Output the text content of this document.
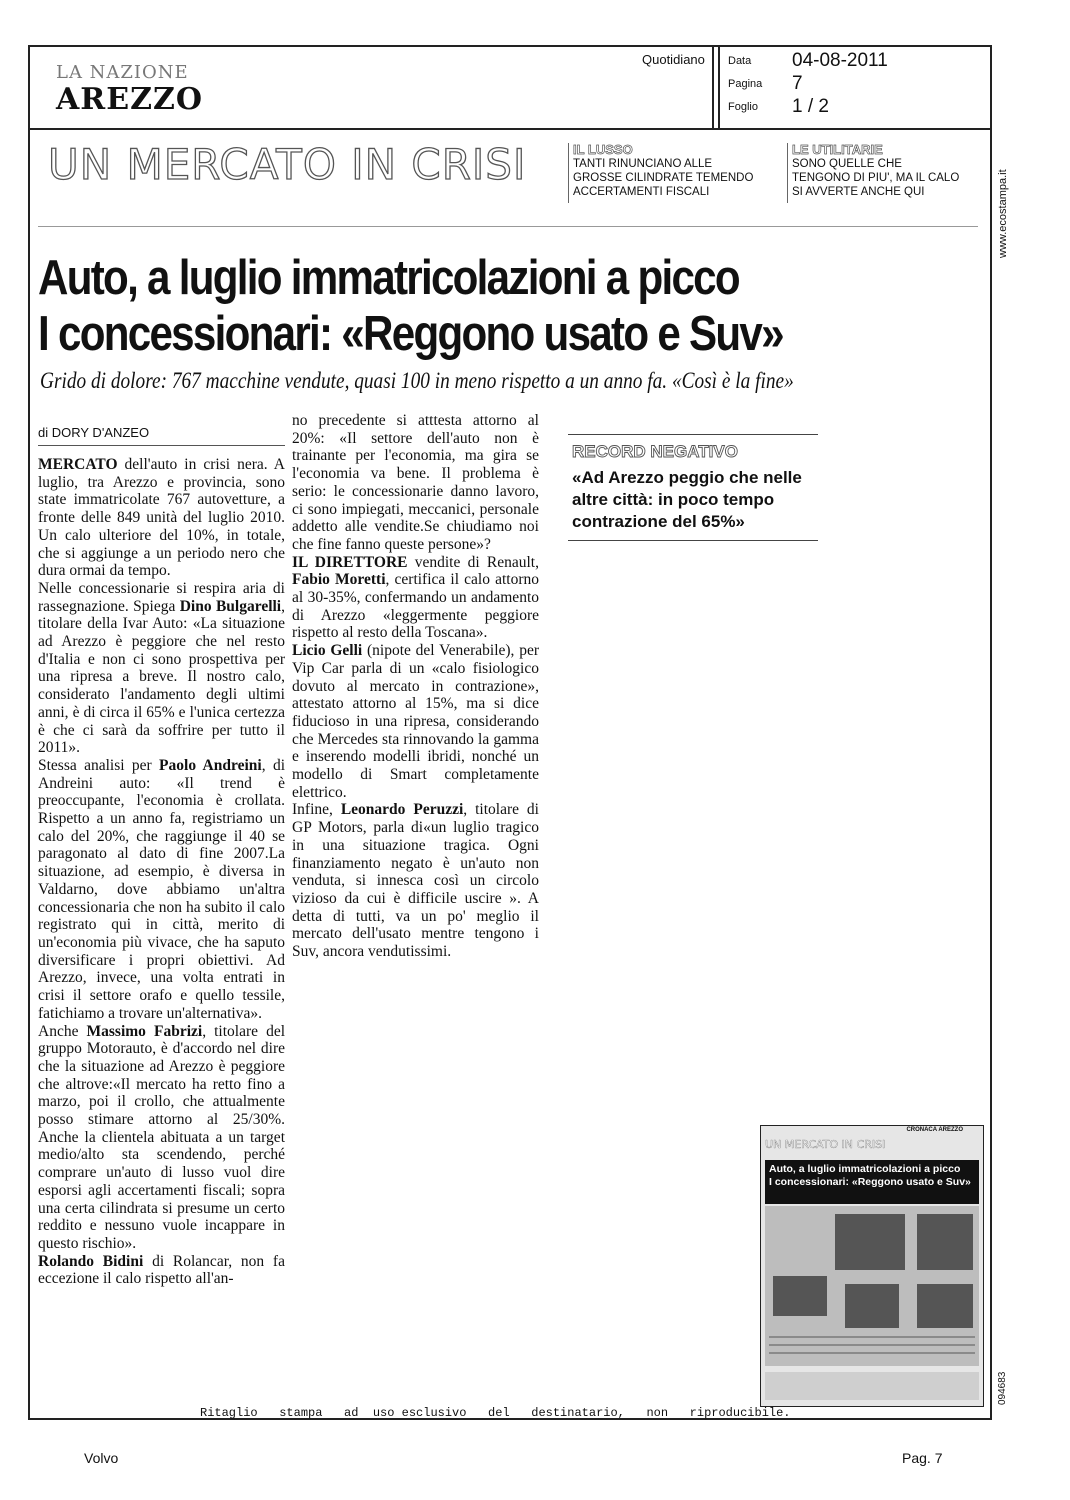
LA NAZIONE
AREZZO
Quotidiano Data 04-08-2011
Pagina 7
Foglio 1 / 2
UN MERCATO IN CRISI	IL LUSSO
TANTI RINUNCIANO ALLE
GROSSE CILINDRATE TEMENDO
ACCERTAMENTI FISCALI
LE UTILITARIE
SONO QUELLE CHE
TENGONO DI PIU', MA IL CALO
SI AVVERTE ANCHE QUI	www.ecostampa.it
094683
Auto, a luglio immatricolazioni a picco
I concessionari: «Reggono usato e Suv»
Grido di dolore: 767 macchine vendute, quasi 100 in meno rispetto a un anno fa. «Così è la fine»
di DORY D'ANZEO

MERCATO dell'auto in crisi nera. A luglio, tra Arezzo e provincia, sono state immatricolate 767 autovetture, a fronte delle 849 unità del luglio 2010. Un calo ulteriore del 10%, in totale, che si aggiunge a un periodo nero che dura ormai da tempo.

Nelle concessionarie si respira aria di rassegnazione. Spiega Dino Bulgarelli, titolare della Ivar Auto: «La situazione ad Arezzo è peggiore che nel resto d'Italia e non ci sono prospettiva per una ripresa a breve. Il nostro calo, considerato l'andamento degli ultimi anni, è di circa il 65% e l'unica certezza è che ci sarà da soffrire per tutto il 2011».

Stessa analisi per Paolo Andreini, di Andreini auto: «Il trend è preoccupante, l'economia è crollata. Rispetto a un anno fa, registriamo un calo del 20%, che raggiunge il 40 se paragonato al dato di fine 2007.La situazione, ad esempio, è diversa in Valdarno, dove abbiamo un'altra concessionaria che non ha subito il calo registrato qui in città, merito di un'economia più vivace, che ha saputo diversificare i propri obiettivi. Ad Arezzo, invece, una volta entrati in crisi il settore orafo e quello tessile, fatichiamo a trovare un'alternativa».

Anche Massimo Fabrizi, titolare del gruppo Motorauto, è d'accordo nel dire che la situazione ad Arezzo è peggiore che altrove:«Il mercato ha retto fino a marzo, poi il crollo, che attualmente posso stimare attorno al 25/30%. Anche la clientela abituata a un target medio/alto sta scendendo, perché comprare un'auto di lusso vuol dire esporsi agli accertamenti fiscali; sopra una certa cilindrata si presume un certo reddito e nessuno vuole incappare in questo rischio».

Rolando Bidini di Rolancar, non fa eccezione il calo rispetto all'an-

no precedente si atttesta attorno al 20%: «Il settore dell'auto non è trainante per l'economia, ma gira se l'economia va bene. Il problema è serio: le concessionarie danno lavoro, ci sono impiegati, meccanici, personale addetto alle vendite.Se chiudiamo noi che fine fanno queste persone»?

IL DIRETTORE vendite di Renault, Fabio Moretti, certifica il calo attorno al 30-35%, confermando un andamento di Arezzo «leggermente peggiore rispetto al resto della Toscana».

Licio Gelli (nipote del Venerabile), per Vip Car parla di un «calo fisiologico dovuto al mercato in contrazione», attestato attorno al 15%, ma si dice fiducioso in una ripresa, considerando che Mercedes sta rinnovando la gamma e inserendo modelli ibridi, nonché un modello di Smart completamente elettrico.

Infine, Leonardo Peruzzi, titolare di GP Motors, parla di«un luglio tragico in una situazione tragica. Ogni finanziamento negato è un'auto non venduta, si innesca così un circolo vizioso da cui è difficile uscire ». A detta di tutti, va un po' meglio il mercato dell'usato mentre tengono i Suv, ancora vendutissimi.

RECORD NEGATIVO
«Ad Arezzo peggio che nelle altre città: in poco tempo contrazione del 65%»
CRONACA AREZZO
UN MERCATO IN CRISI
Auto, a luglio immatricolazioni a picco
I concessionari: «Reggono usato e Suv»
Ritaglio   stampa   ad  uso esclusivo   del   destinatario,   non   riproducibile.
Volvo	Pag. 7
